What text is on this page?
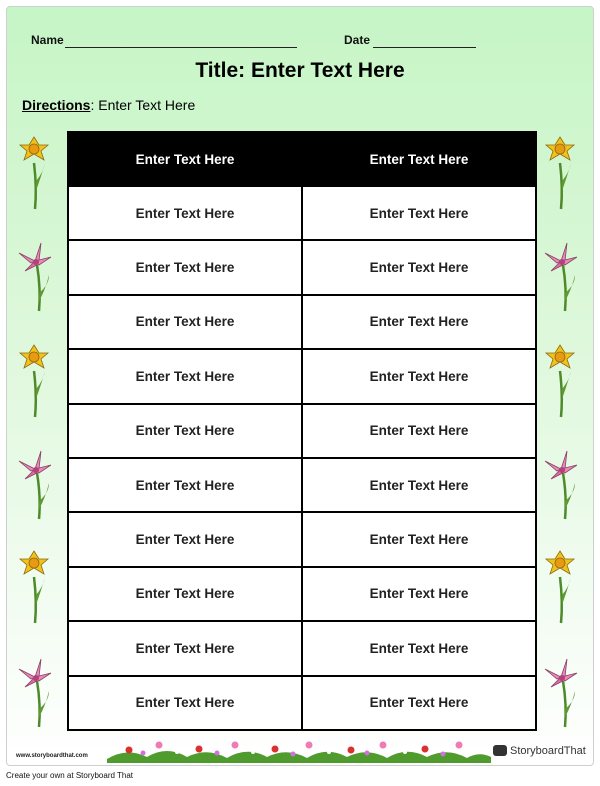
Name	Date
Title: Enter Text Here
Directions: Enter Text Here
Enter Text Here	Enter Text Here
Enter Text Here	Enter Text Here
Enter Text Here	Enter Text Here
Enter Text Here	Enter Text Here
Enter Text Here	Enter Text Here
Enter Text Here	Enter Text Here
Enter Text Here	Enter Text Here
Enter Text Here	Enter Text Here
Enter Text Here	Enter Text Here
Enter Text Here	Enter Text Here
Enter Text Here	Enter Text Here
www.storyboardthat.com	StoryboardThat
Create your own at Storyboard That
